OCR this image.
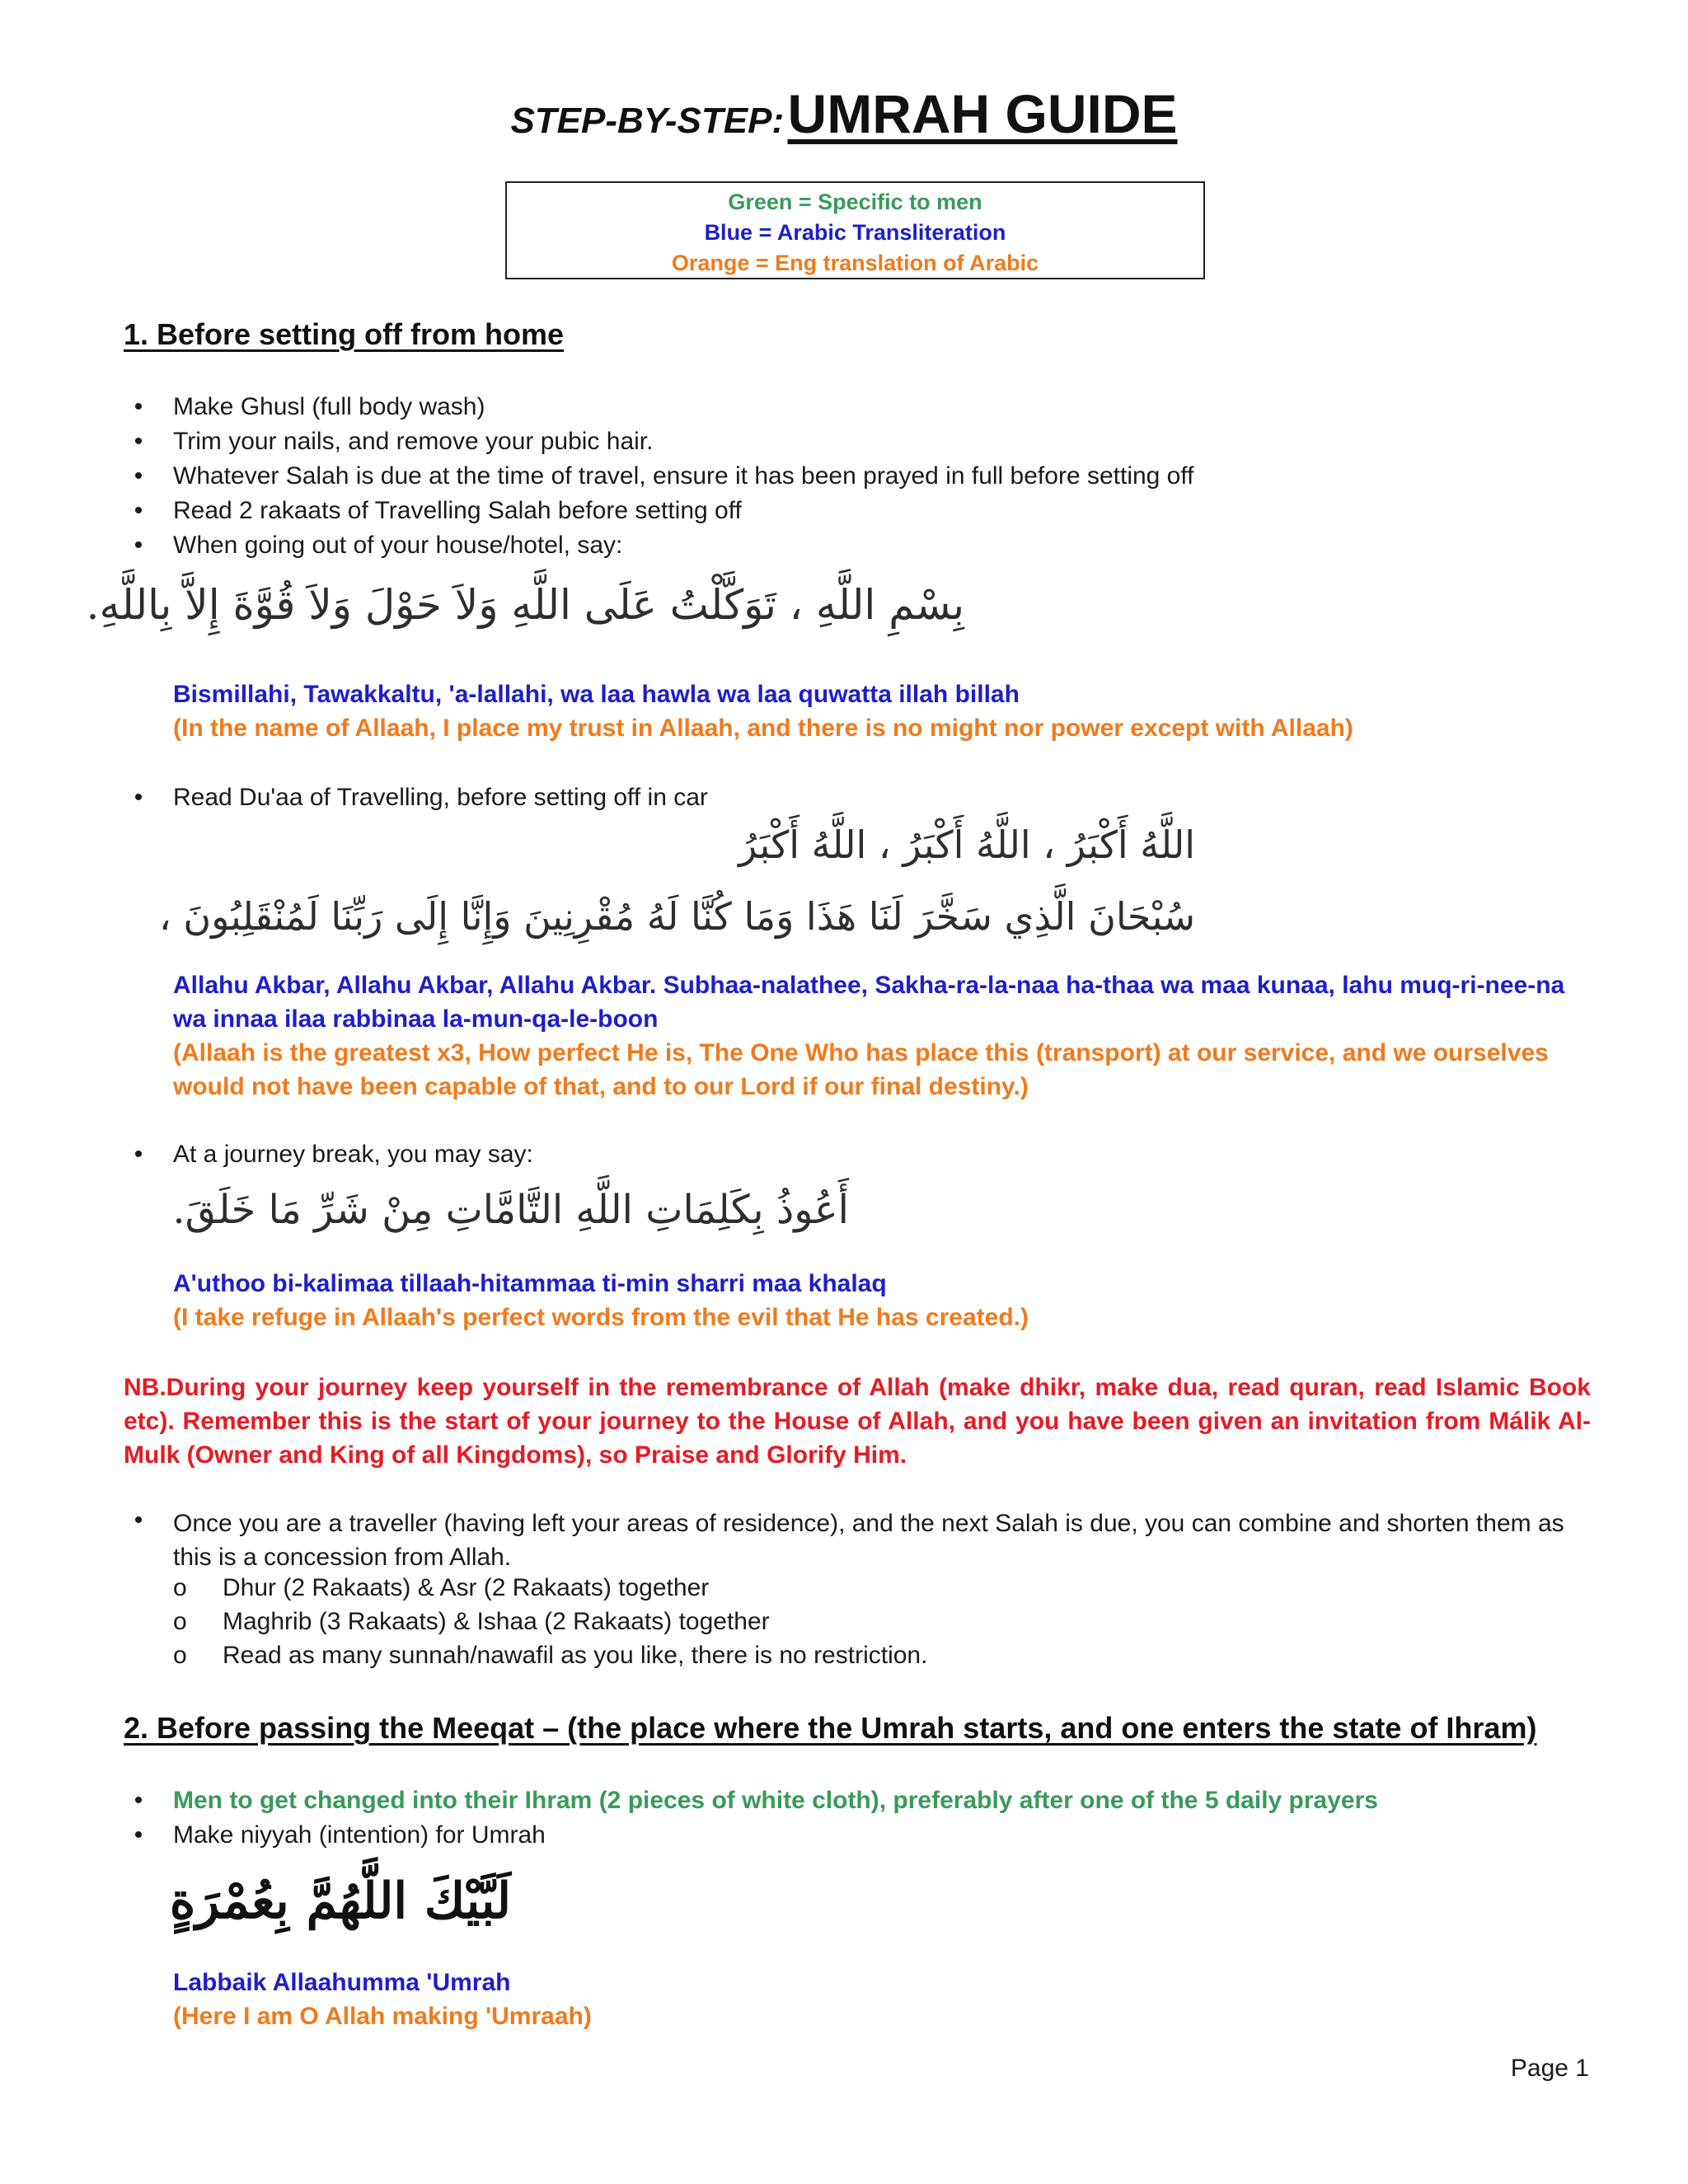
STEP-BY-STEP: UMRAH GUIDE
Green = Specific to men
Blue = Arabic Transliteration
Orange = Eng translation of Arabic
1. Before setting off from home
•	Make Ghusl (full body wash)
•	Trim your nails, and remove your pubic hair.
•	Whatever Salah is due at the time of travel, ensure it has been prayed in full before setting off
•	Read 2 rakaats of Travelling Salah before setting off
•	When going out of your house/hotel, say:
بِسْمِ اللَّهِ ، تَوَكَّلْتُ عَلَى اللَّهِ وَلاَ حَوْلَ وَلاَ قُوَّةَ إِلاَّ بِاللَّهِ.
Bismillahi, Tawakkaltu, 'a-lallahi, wa laa hawla wa laa quwatta illah billah
(In the name of Allaah, I place my trust in Allaah, and there is no might nor power except with Allaah)
•	Read Du'aa of Travelling, before setting off in car
اللَّهُ أَكْبَرُ ، اللَّهُ أَكْبَرُ ، اللَّهُ أَكْبَرُ
سُبْحَانَ الَّذِي سَخَّرَ لَنَا هَذَا وَمَا كُنَّا لَهُ مُقْرِنِينَ وَإِنَّا إِلَى رَبِّنَا لَمُنْقَلِبُونَ ،
Allahu Akbar, Allahu Akbar, Allahu Akbar. Subhaa-nalathee, Sakha-ra-la-naa ha-thaa wa maa kunaa, lahu muq-ri-nee-na wa innaa ilaa rabbinaa la-mun-qa-le-boon
(Allaah is the greatest x3, How perfect He is, The One Who has place this (transport) at our service, and we ourselves would not have been capable of that, and to our Lord if our final destiny.)
•	At a journey break, you may say:
أَعُوذُ بِكَلِمَاتِ اللَّهِ التَّامَّاتِ مِنْ شَرِّ مَا خَلَقَ.
A'uthoo bi-kalimaa tillaah-hitammaa ti-min sharri maa khalaq
(I take refuge in Allaah's perfect words from the evil that He has created.)
NB.During your journey keep yourself in the remembrance of Allah (make dhikr, make dua, read quran, read Islamic Book etc). Remember this is the start of your journey to the House of Allah, and you have been given an invitation from Málik Al-Mulk (Owner and King of all Kingdoms), so Praise and Glorify Him.
•	Once you are a traveller (having left your areas of residence), and the next Salah is due, you can combine and shorten them as this is a concession from Allah.
o Dhur (2 Rakaats) & Asr (2 Rakaats) together
o Maghrib (3 Rakaats) & Ishaa (2 Rakaats) together
o Read as many sunnah/nawafil as you like, there is no restriction.
2. Before passing the Meeqat – (the place where the Umrah starts, and one enters the state of Ihram)
•	Men to get changed into their Ihram (2 pieces of white cloth), preferably after one of the 5 daily prayers
•	Make niyyah (intention) for Umrah
لَبَّيْكَ اللَّهُمَّ بِعُمْرَةٍ
Labbaik Allaahumma 'Umrah
(Here I am O Allah making 'Umraah)
Page 1
